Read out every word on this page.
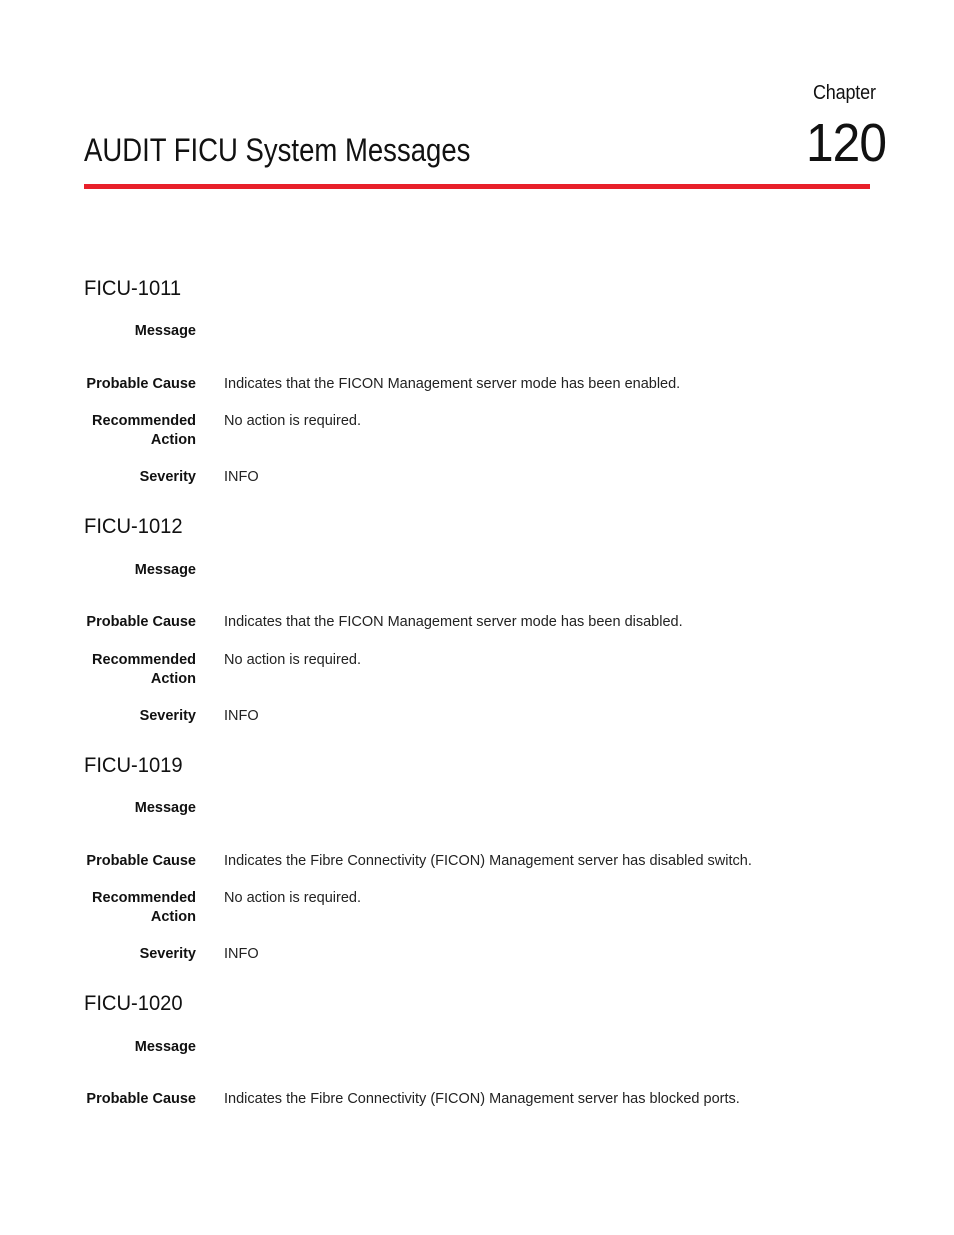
Chapter
120
AUDIT FICU System Messages
FICU-1011
Message
Probable Cause Indicates that the FICON Management server mode has been enabled.
Recommended
Action
No action is required.
Severity INFO
FICU-1012
Message
Probable Cause Indicates that the FICON Management server mode has been disabled.
Recommended
Action
No action is required.
Severity INFO
FICU-1019
Message
Probable Cause Indicates the Fibre Connectivity (FICON) Management server has disabled switch.
Recommended
Action
No action is required.
Severity INFO
FICU-1020
Message
Probable Cause Indicates the Fibre Connectivity (FICON) Management server has blocked ports.
